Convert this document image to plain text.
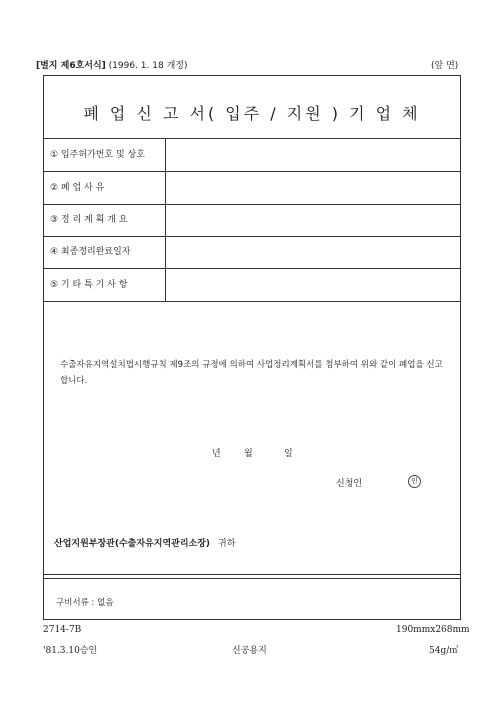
[별지 제6호서식] (1996. 1. 18 개정)	(앞 면)
폐 업 신 고 서( 입주 / 지원 ) 기 업 체
① 입주허가번호 및 상호
② 폐 업 사 유
③ 정 리 계 획 개 요
④ 최종정리완료일자
⑤ 기 타 특 기 사 항
수출자유지역설치법시행규칙 제9조의 규정에 의하여 사업정리계획서를 첨부하여 위와 같이 폐업을 신고합니다.
년	월	일
신청인	인
산업지원부장관(수출자유지역관리소장) 귀하
구비서류 : 없음
2714-7B
'81.3.10승인	신공용지
190mmx268mm
54g/㎡
